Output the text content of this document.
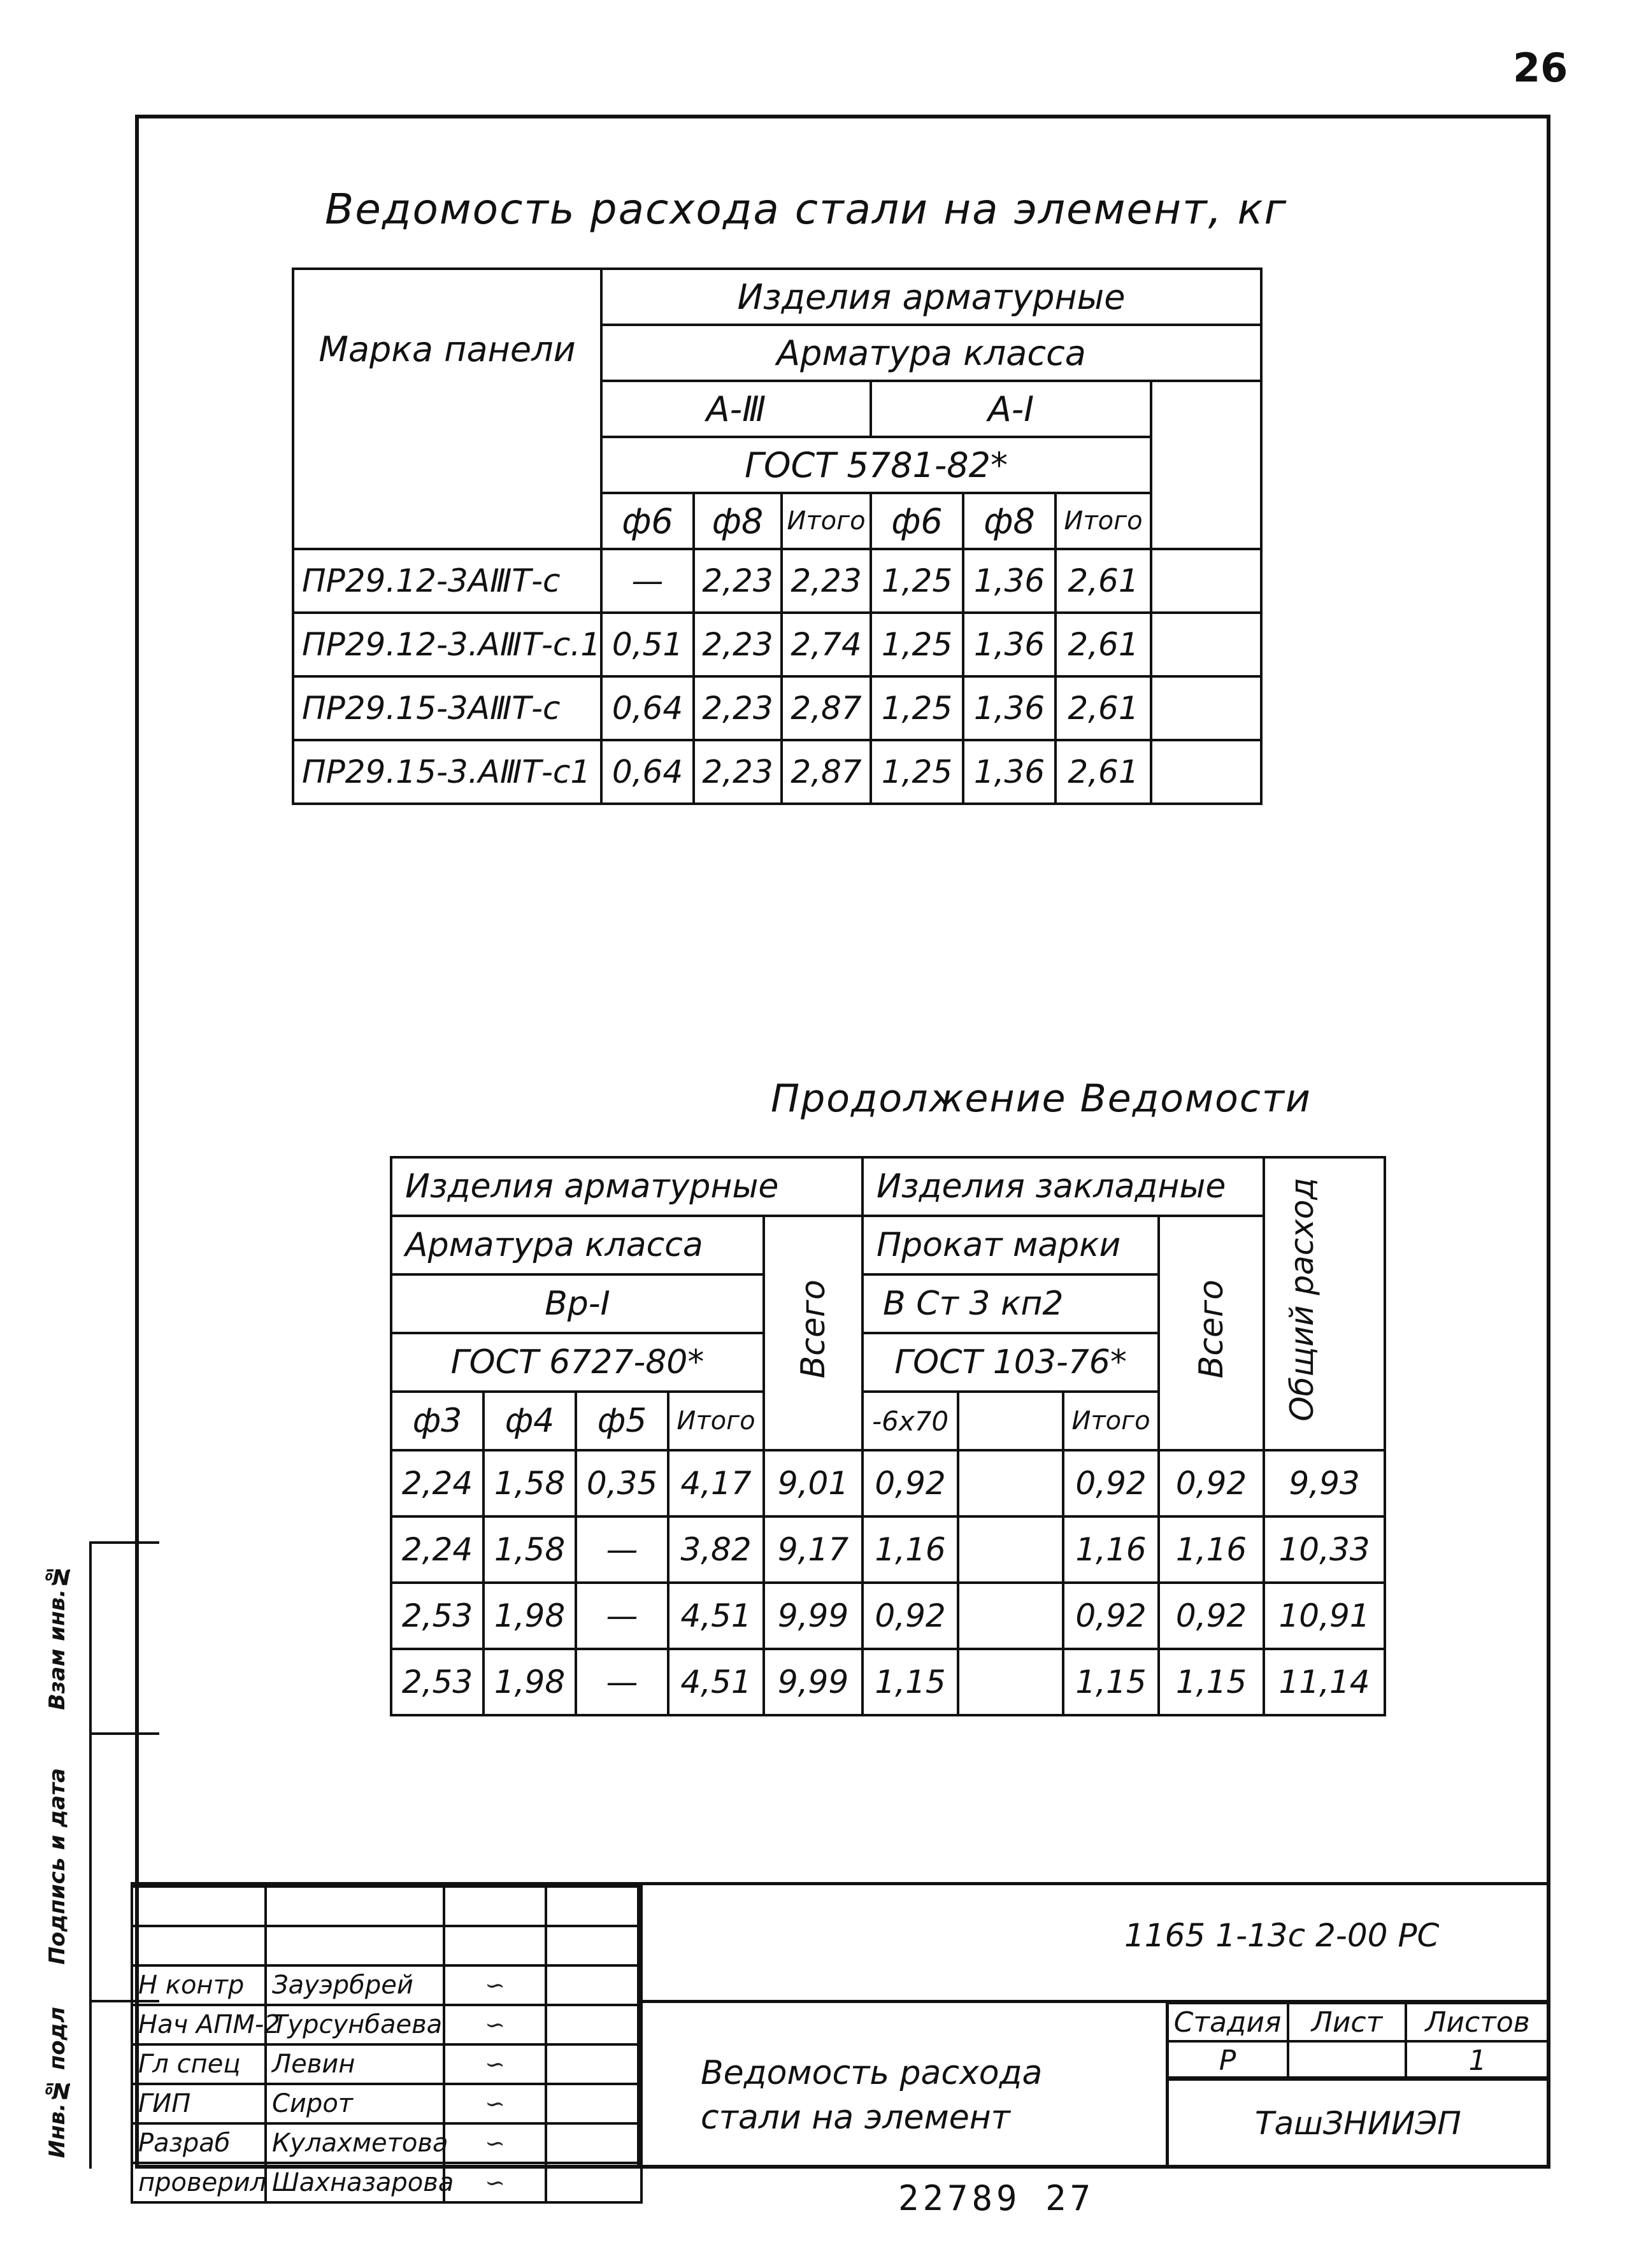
26
Ведомость расхода стали на элемент, кг
Марка панели	Изделия арматурные						
	Арматура класса						
	А-Ⅲ			А-Ⅰ			
	ГОСТ 5781-82*						
	ф6	ф8	Итого	ф6	ф8	Итого	
ПР29.12-3АⅢТ-с	—	2,23	2,23	1,25	1,36	2,61	
ПР29.12-3.АⅢТ-с.1	0,51	2,23	2,74	1,25	1,36	2,61	
ПР29.15-3АⅢТ-с	0,64	2,23	2,87	1,25	1,36	2,61	
ПР29.15-3.АⅢТ-с1	0,64	2,23	2,87	1,25	1,36	2,61	
Продолжение Ведомости
Изделия арматурные					Изделия закладные				Общий расход
Арматура класса				Всего	Прокат марки			Всего	
Вр-Ⅰ					В Ст 3 кп2				
ГОСТ 6727-80*					ГОСТ 103-76*				
ф3	ф4	ф5	Итого		-6х70		Итого		
2,24	1,58	0,35	4,17	9,01	0,92		0,92	0,92	9,93
2,24	1,58	—	3,82	9,17	1,16		1,16	1,16	10,33
2,53	1,98	—	4,51	9,99	0,92		0,92	0,92	10,91
2,53	1,98	—	4,51	9,99	1,15		1,15	1,15	11,14
Взам инв.№
Подпись и дата
Инв.№ подл

Н контр	Зауэрбрей	∽	
Нач АПМ-2	Турсунбаева	∽	
Гл спец	Левин	∽	
ГИП	Сирот	∽	
Разраб	Кулахметова	∽	
проверил	Шахназарова	∽	
1165 1-13с 2-00 РС
Ведомость расхода
стали на элемент
Стадия	Лист	Листов
Р		1
ТашЗНИИЭП
22789 27
